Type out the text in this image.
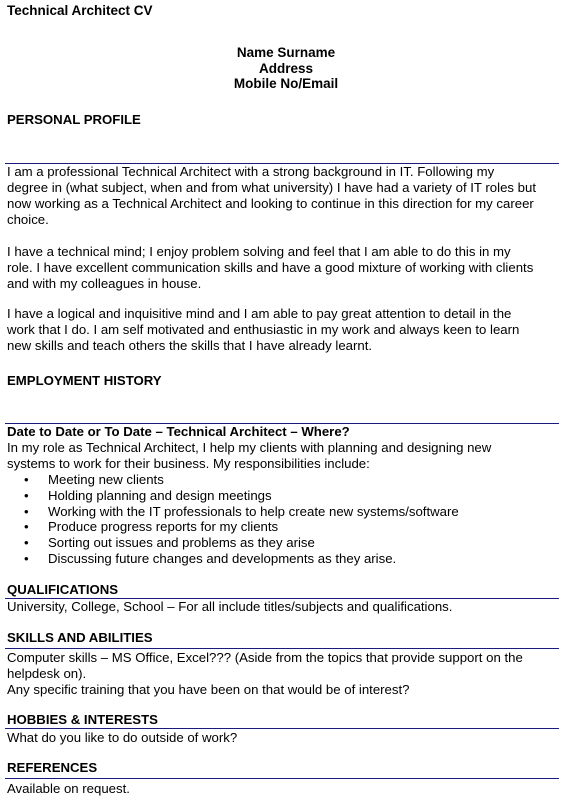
Technical Architect CV
Name Surname
Address
Mobile No/Email
PERSONAL PROFILE
I am a professional Technical Architect with a strong background in IT. Following my
degree in (what subject, when and from what university) I have had a variety of IT roles but
now working as a Technical Architect and looking to continue in this direction for my career
choice.
I have a technical mind; I enjoy problem solving and feel that I am able to do this in my
role. I have excellent communication skills and have a good mixture of working with clients
and with my colleagues in house.
I have a logical and inquisitive mind and I am able to pay great attention to detail in the
work that I do. I am self motivated and enthusiastic in my work and always keen to learn
new skills and teach others the skills that I have already learnt.
EMPLOYMENT HISTORY
Date to Date or To Date – Technical Architect – Where?
In my role as Technical Architect, I help my clients with planning and designing new
systems to work for their business. My responsibilities include:
• Meeting new clients
• Holding planning and design meetings
• Working with the IT professionals to help create new systems/software
• Produce progress reports for my clients
• Sorting out issues and problems as they arise
• Discussing future changes and developments as they arise.
QUALIFICATIONS
University, College, School – For all include titles/subjects and qualifications.
SKILLS AND ABILITIES
Computer skills – MS Office, Excel??? (Aside from the topics that provide support on the
helpdesk on).
Any specific training that you have been on that would be of interest?
HOBBIES & INTERESTS
What do you like to do outside of work?
REFERENCES
Available on request.
